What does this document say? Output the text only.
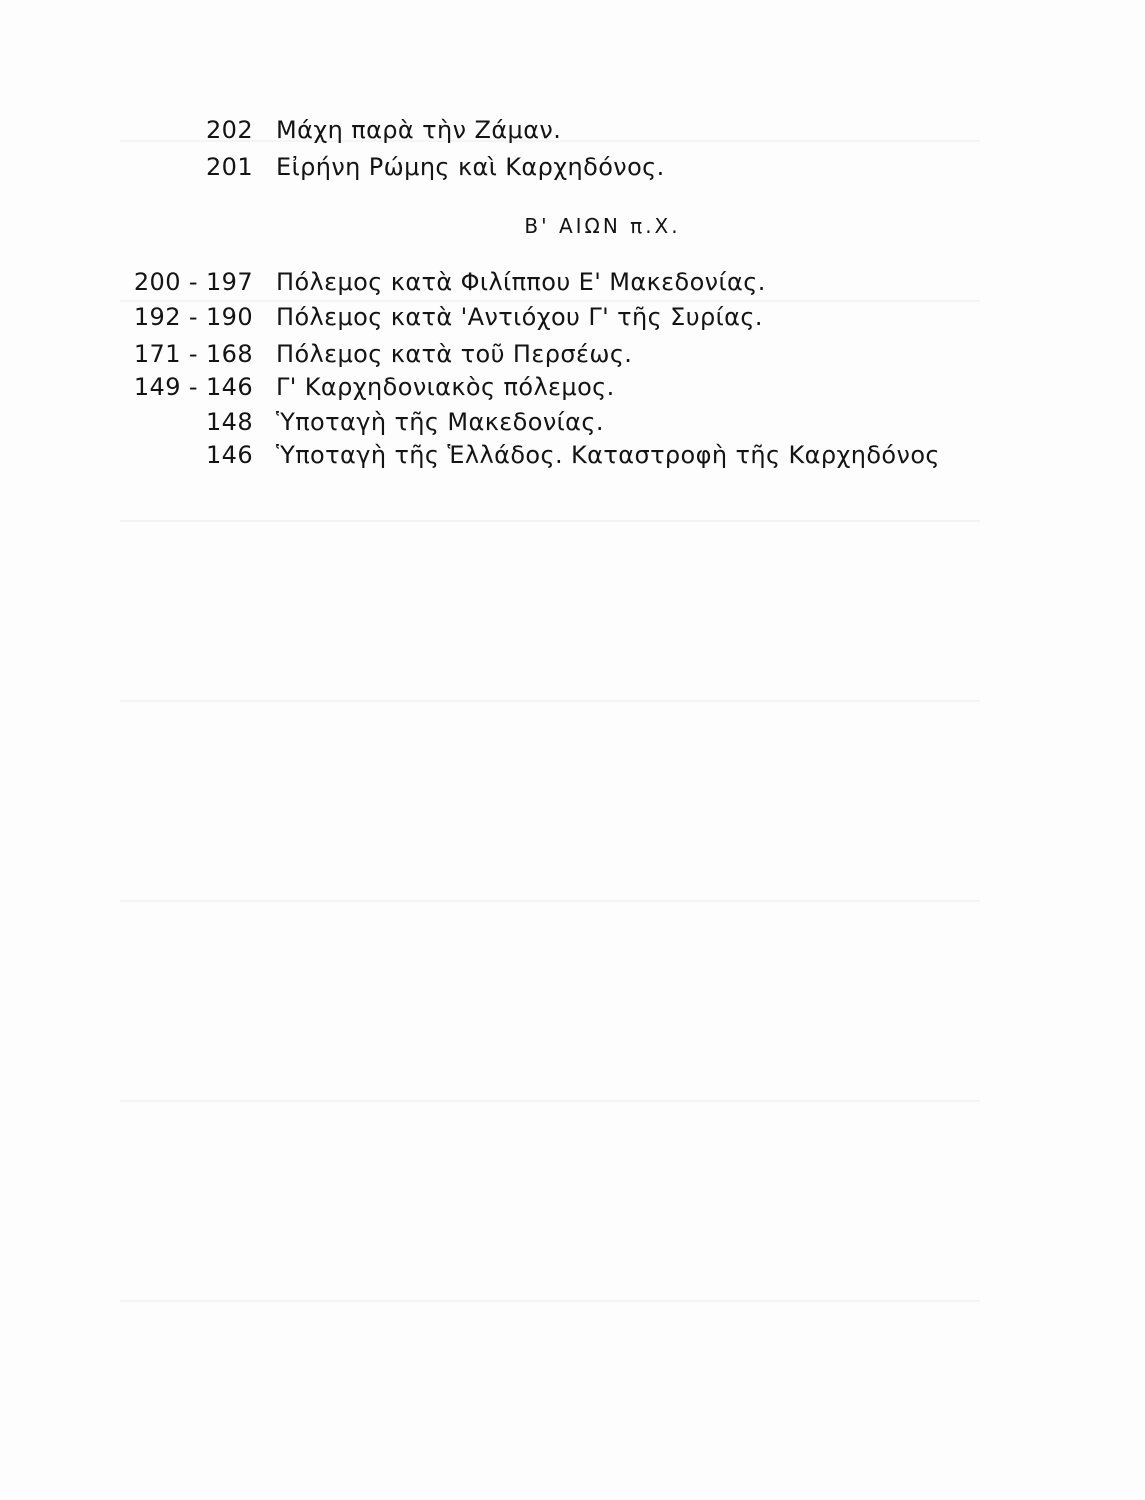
202 Μάχη παρὰ τὴν Ζάμαν.
201 Εἰρήνη Ρώμης καὶ Καρχηδόνος.
Β' ΑΙΩΝ π.Χ.
200 - 197 Πόλεμος κατὰ Φιλίππου Ε' Μακεδονίας.
192 - 190 Πόλεμος κατὰ 'Αντιόχου Γ' τῆς Συρίας.
171 - 168 Πόλεμος κατὰ τοῦ Περσέως.
149 - 146 Γ' Καρχηδονιακὸς πόλεμος.
148 Ὑποταγὴ τῆς Μακεδονίας.
146 Ὑποταγὴ τῆς Ἑλλάδος. Καταστροφὴ τῆς Καρχηδόνος
